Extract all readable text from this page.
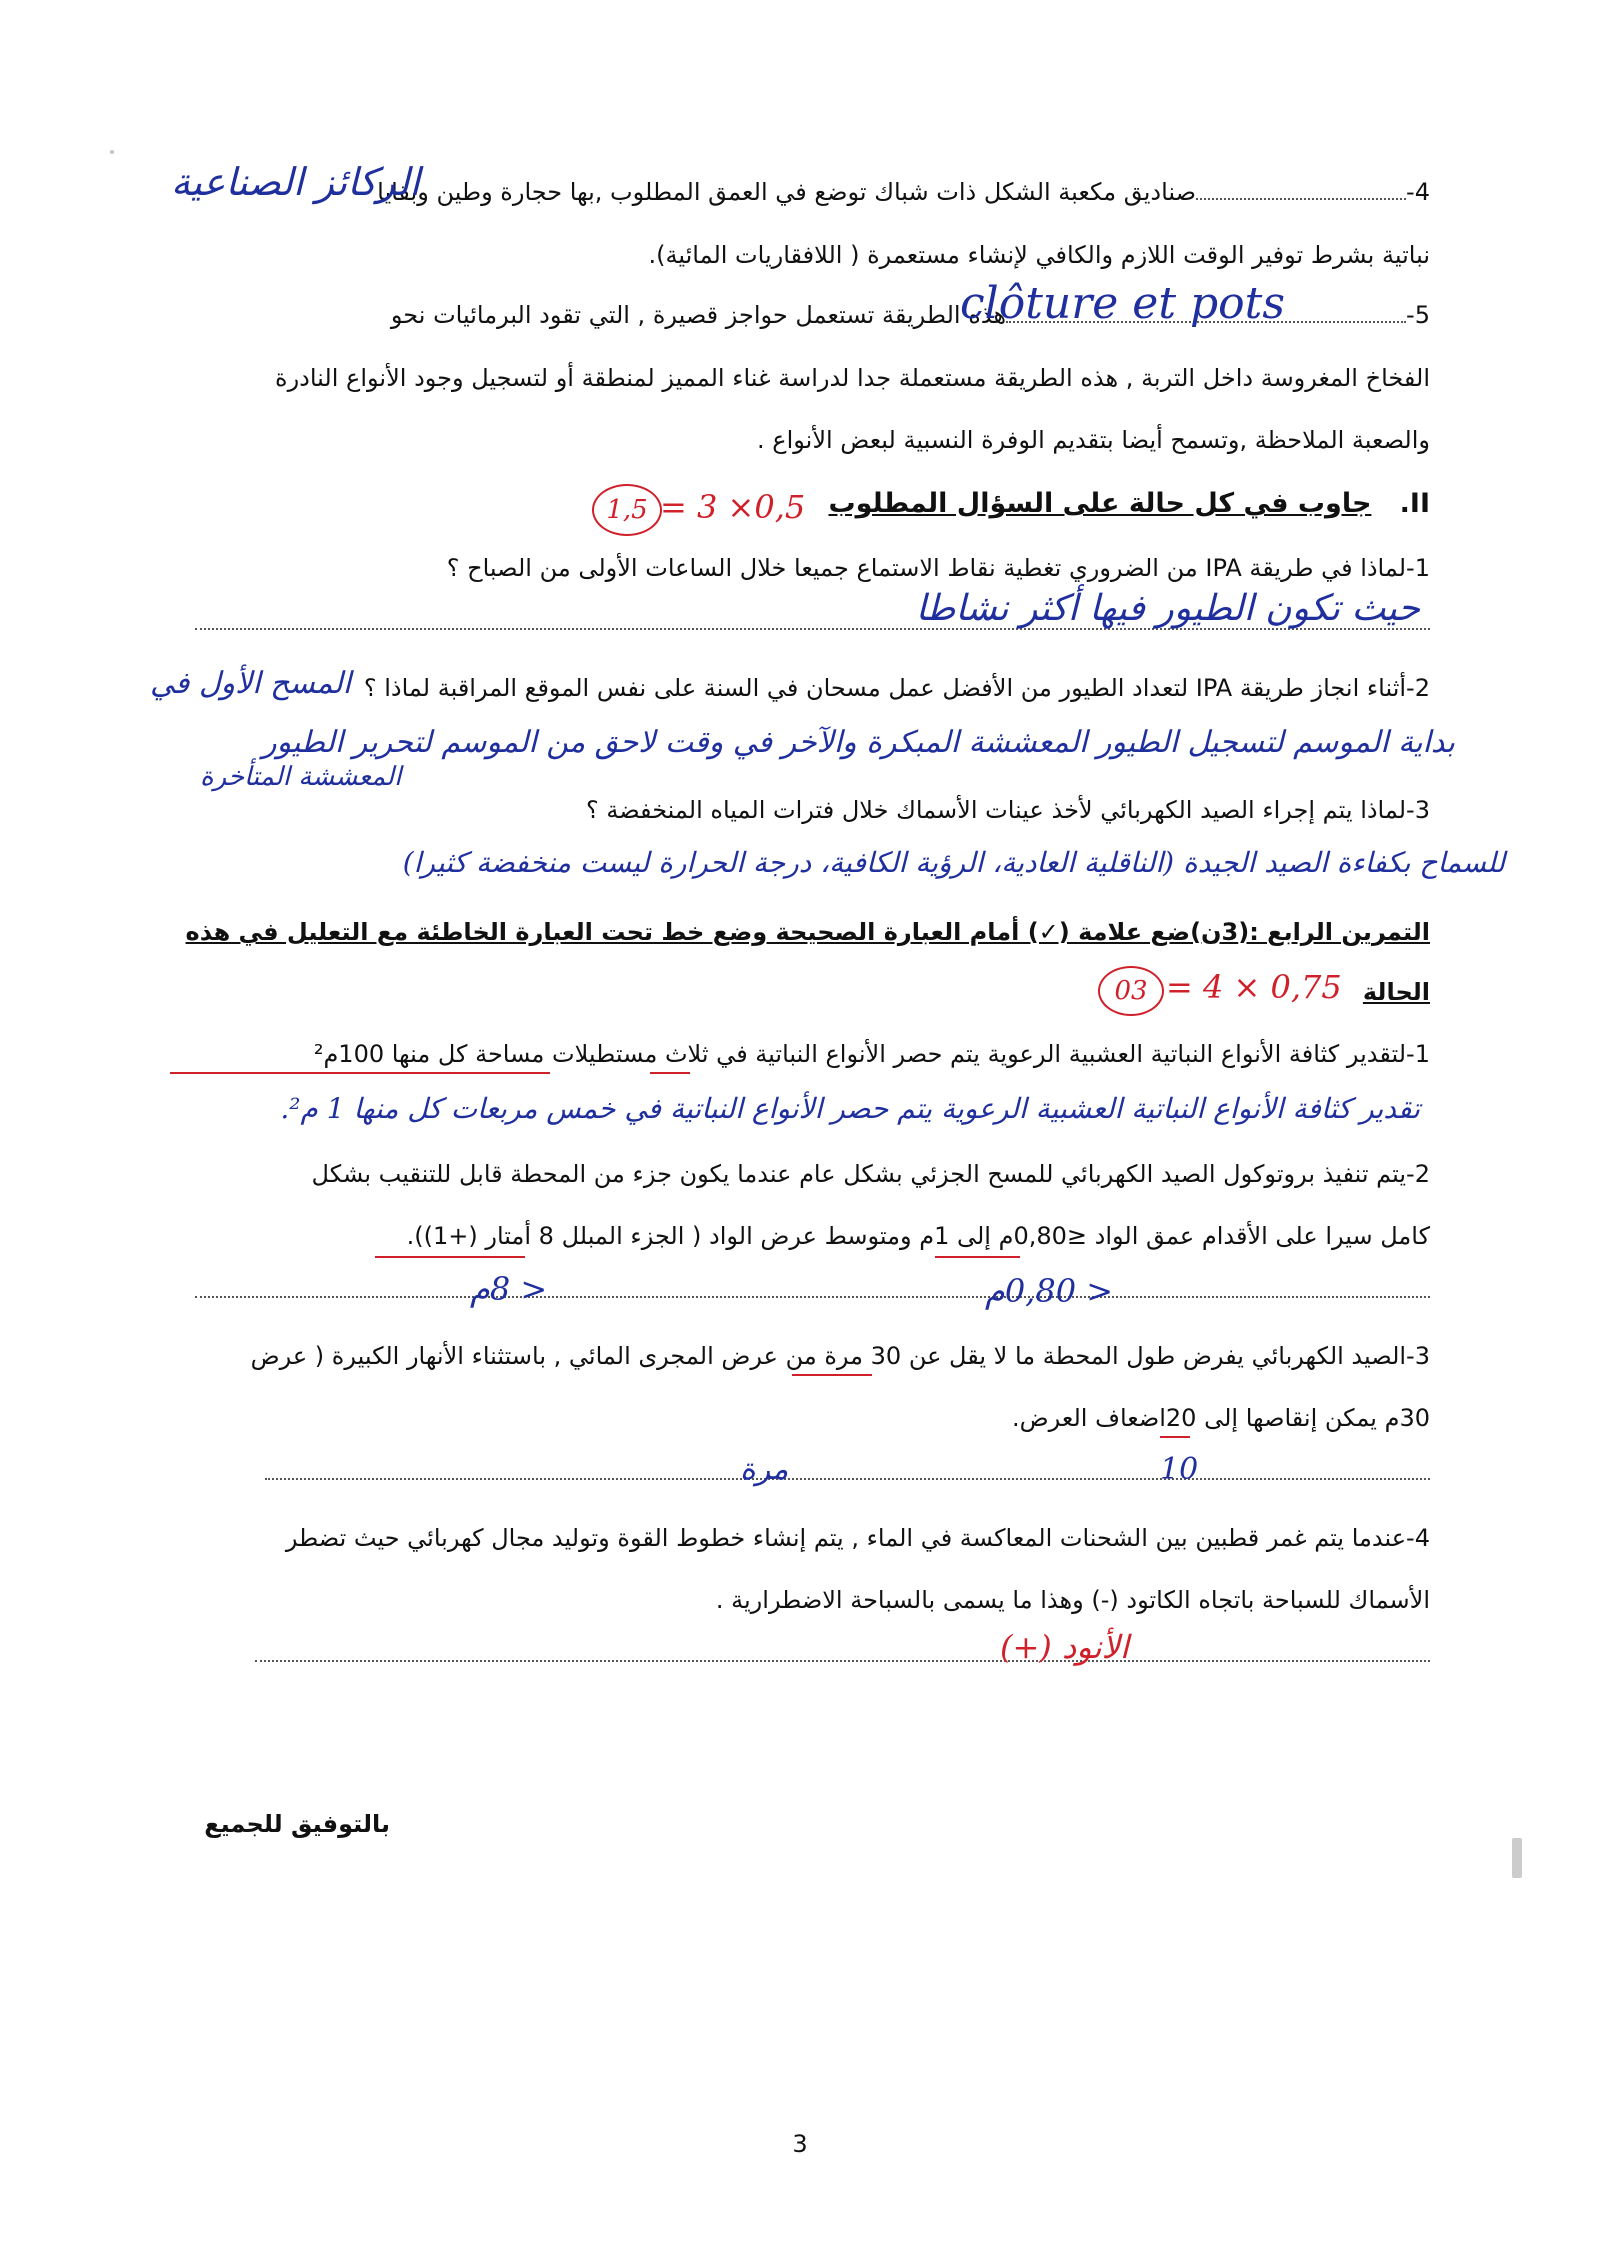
4-صناديق مكعبة الشكل ذات شباك توضع في العمق المطلوب ,بها حجارة وطين وبقايا
الركائز الصناعية
نباتية بشرط توفير الوقت اللازم والكافي لإنشاء مستعمرة ( اللافقاريات المائية).
5-هذه الطريقة تستعمل حواجز قصيرة , التي تقود البرمائيات نحو
clôture et pots
الفخاخ المغروسة داخل التربة , هذه الطريقة مستعملة جدا لدراسة غناء المميز لمنطقة أو لتسجيل وجود الأنواع النادرة
والصعبة الملاحظة ,وتسمح أيضا بتقديم الوفرة النسبية لبعض الأنواع .
II.   جاوب في كل حالة على السؤال المطلوب
1,5 = 3 ×0,5
1-لماذا في طريقة IPA من الضروري تغطية نقاط الاستماع جميعا خلال الساعات الأولى من الصباح ؟
حيث تكون الطيور فيها أكثر نشاطا
2-أثناء انجاز طريقة IPA لتعداد الطيور من الأفضل عمل مسحان في السنة على نفس الموقع المراقبة لماذا ؟
المسح الأول في
بداية الموسم لتسجيل الطيور المعششة المبكرة والآخر في وقت لاحق من الموسم لتحرير الطيور
المعششة المتأخرة
3-لماذا يتم إجراء الصيد الكهربائي لأخذ عينات الأسماك خلال فترات المياه المنخفضة ؟
للسماح بكفاءة الصيد الجيدة (الناقلية العادية، الرؤية الكافية، درجة الحرارة ليست منخفضة كثيرا)
التمرين الرابع :(3ن)ضع علامة (✓) أمام العبارة الصحيحة وضع خط تحت العبارة الخاطئة مع التعليل في هذه
الحالة
03 = 4 × 0,75
1-لتقدير كثافة الأنواع النباتية العشبية الرعوية يتم حصر الأنواع النباتية في ثلاث مستطيلات مساحة كل منها 100م²
تقدير كثافة الأنواع النباتية العشبية الرعوية يتم حصر الأنواع النباتية في خمس مربعات كل منها 1 م².
2-يتم تنفيذ بروتوكول الصيد الكهربائي للمسح الجزئي بشكل عام عندما يكون جزء من المحطة قابل للتنقيب بشكل
كامل سيرا على الأقدام عمق الواد ≤0,80م إلى 1م ومتوسط عرض الواد ( الجزء المبلل 8 أمتار (+1)).
< 8م	< 0,80م
3-الصيد الكهربائي يفرض طول المحطة ما لا يقل عن 30 مرة من عرض المجرى المائي , باستثناء الأنهار الكبيرة ( عرض
30م يمكن إنقاصها إلى 20اضعاف العرض.
مرة	10
4-عندما يتم غمر قطبين بين الشحنات المعاكسة في الماء , يتم إنشاء خطوط القوة وتوليد مجال كهربائي حيث تضطر
الأسماك للسباحة باتجاه الكاتود (-) وهذا ما يسمى بالسباحة الاضطرارية .
الأنود (+)
بالتوفيق للجميع
3
